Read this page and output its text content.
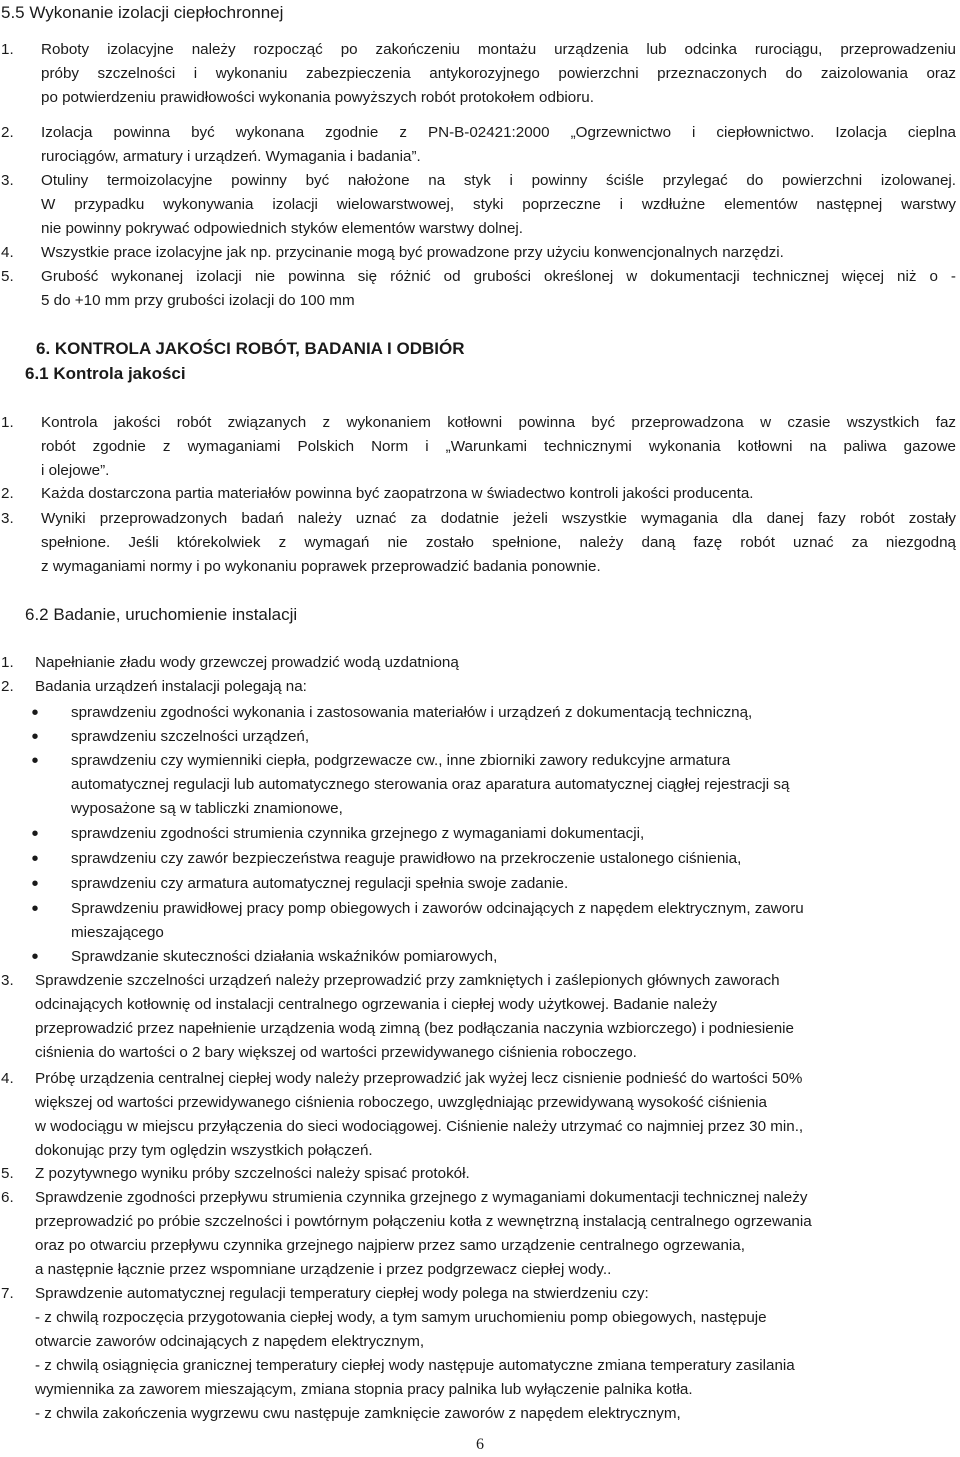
5.5 Wykonanie izolacji ciepłochronnej
1.	Roboty izolacyjne należy rozpocząć po zakończeniu montażu urządzenia lub odcinka rurociągu, przeprowadzeniu
próby szczelności i wykonaniu zabezpieczenia antykorozyjnego powierzchni przeznaczonych do zaizolowania oraz
po potwierdzeniu prawidłowości wykonania powyższych robót protokołem odbioru.
2.	Izolacja powinna być wykonana zgodnie z PN-B-02421:2000 „Ogrzewnictwo i ciepłownictwo. Izolacja cieplna
rurociągów, armatury i urządzeń. Wymagania i badania”.
3.	Otuliny termoizolacyjne powinny być nałożone na styk i powinny ściśle przylegać do powierzchni izolowanej.
W przypadku wykonywania izolacji wielowarstwowej, styki poprzeczne i wzdłużne elementów następnej warstwy
nie powinny pokrywać odpowiednich styków elementów warstwy dolnej.
4.	Wszystkie prace izolacyjne jak np. przycinanie mogą być prowadzone przy użyciu konwencjonalnych narzędzi.
5.	Grubość wykonanej izolacji nie powinna się różnić od grubości określonej w dokumentacji technicznej więcej niż o -
5 do +10 mm przy grubości izolacji do 100 mm
6. KONTROLA JAKOŚCI ROBÓT, BADANIA I ODBIÓR
6.1 Kontrola jakości
1.	Kontrola jakości robót związanych z wykonaniem kotłowni powinna być przeprowadzona w czasie wszystkich faz
robót zgodnie z wymaganiami Polskich Norm i „Warunkami technicznymi wykonania kotłowni na paliwa gazowe
i olejowe”.
2.	Każda dostarczona partia materiałów powinna być zaopatrzona w świadectwo kontroli jakości producenta.
3.	Wyniki przeprowadzonych badań należy uznać za dodatnie jeżeli wszystkie wymagania dla danej fazy robót zostały
spełnione. Jeśli którekolwiek z wymagań nie zostało spełnione, należy daną fazę robót uznać za niezgodną
z wymaganiami normy i po wykonaniu poprawek przeprowadzić badania ponownie.
6.2 Badanie, uruchomienie instalacji
1.	Napełnianie zładu wody grzewczej prowadzić wodą uzdatnioną
2.	Badania urządzeń instalacji polegają na:
• sprawdzeniu zgodności wykonania i zastosowania materiałów i urządzeń z dokumentacją techniczną,
• sprawdzeniu szczelności urządzeń,
• sprawdzeniu czy wymienniki ciepła, podgrzewacze cw., inne zbiorniki zawory redukcyjne armatura
automatycznej regulacji lub automatycznego sterowania oraz aparatura automatycznej ciągłej rejestracji są
wyposażone są w tabliczki znamionowe,
• sprawdzeniu zgodności strumienia czynnika grzejnego z wymaganiami dokumentacji,
• sprawdzeniu czy zawór bezpieczeństwa reaguje prawidłowo na przekroczenie ustalonego ciśnienia,
• sprawdzeniu czy armatura automatycznej regulacji spełnia swoje zadanie.
• Sprawdzeniu prawidłowej pracy pomp obiegowych i zaworów odcinających z napędem elektrycznym, zaworu
mieszającego
• Sprawdzanie skuteczności działania wskaźników pomiarowych,
3.	Sprawdzenie szczelności urządzeń należy przeprowadzić przy zamkniętych i zaślepionych głównych zaworach
odcinających kotłownię od instalacji centralnego ogrzewania i ciepłej wody użytkowej. Badanie należy
przeprowadzić przez napełnienie urządzenia wodą zimną (bez podłączania naczynia wzbiorczego) i podniesienie
ciśnienia do wartości o 2 bary większej od wartości przewidywanego ciśnienia roboczego.
4.	Próbę urządzenia centralnej ciepłej wody należy przeprowadzić jak wyżej lecz cisnienie podnieść do wartości 50%
większej od wartości przewidywanego ciśnienia roboczego, uwzględniając przewidywaną wysokość ciśnienia
w wodociągu w miejscu przyłączenia do sieci wodociągowej. Ciśnienie należy utrzymać co najmniej przez 30 min.,
dokonując przy tym oględzin wszystkich połączeń.
5.	Z pozytywnego wyniku próby szczelności należy spisać protokół.
6.	Sprawdzenie zgodności przepływu strumienia czynnika grzejnego z wymaganiami dokumentacji technicznej należy
przeprowadzić po próbie szczelności i powtórnym połączeniu kotła z wewnętrzną instalacją centralnego ogrzewania
oraz po otwarciu przepływu czynnika grzejnego najpierw przez samo urządzenie centralnego ogrzewania,
a następnie łącznie przez wspomniane urządzenie i przez podgrzewacz ciepłej wody..
7.	Sprawdzenie automatycznej regulacji temperatury ciepłej wody polega na stwierdzeniu czy:
- z chwilą rozpoczęcia przygotowania ciepłej wody, a tym samym uruchomieniu pomp obiegowych, następuje
otwarcie zaworów odcinających z napędem elektrycznym,
- z chwilą osiągnięcia granicznej temperatury ciepłej wody następuje automatyczne zmiana temperatury zasilania
wymiennika za zaworem mieszającym, zmiana stopnia pracy palnika lub wyłączenie palnika kotła.
- z chwila zakończenia wygrzewu cwu następuje zamknięcie zaworów z napędem elektrycznym,
6
